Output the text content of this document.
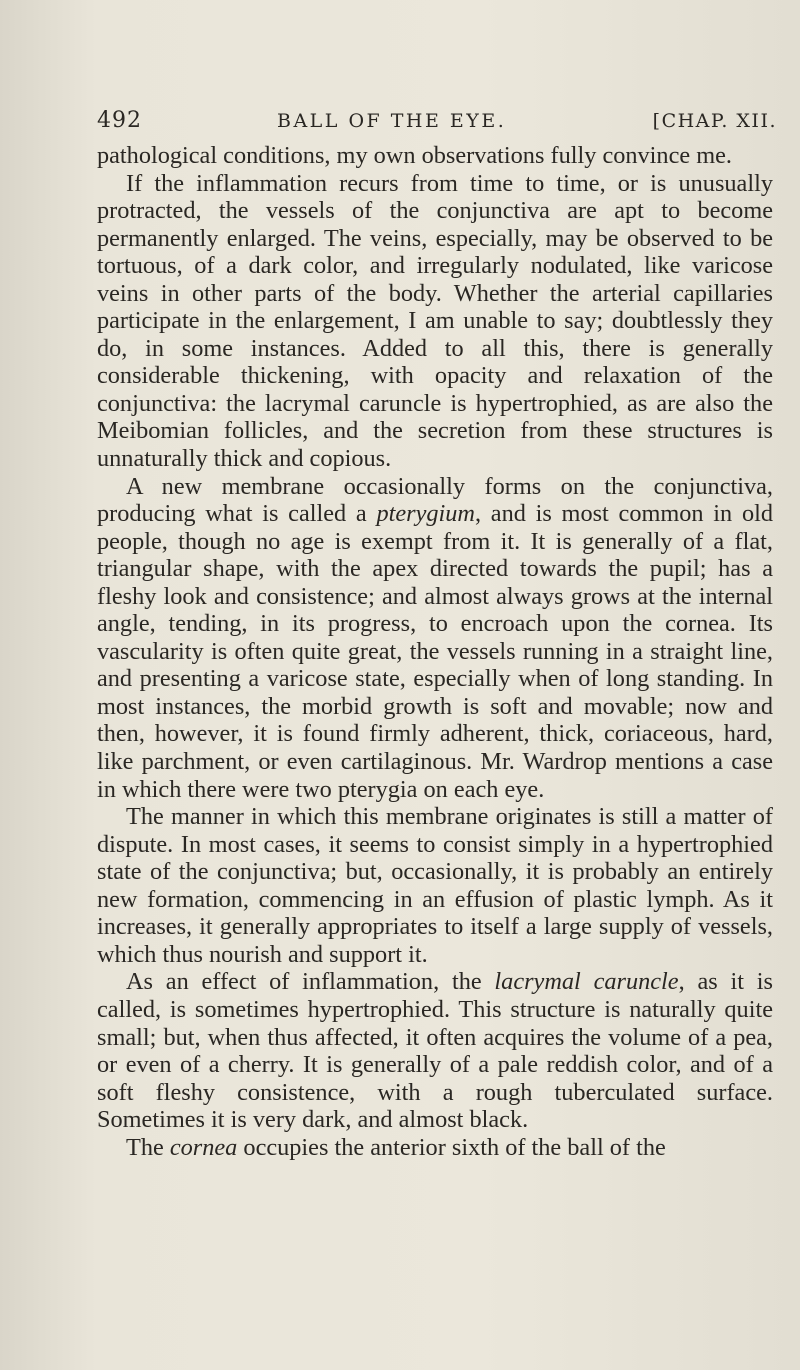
492	BALL OF THE EYE.	[CHAP. XII.

pathological conditions, my own observations fully convince me.

If the inflammation recurs from time to time, or is unusually protracted, the vessels of the conjunctiva are apt to become permanently enlarged. The veins, especially, may be observed to be tortuous, of a dark color, and irregularly nodulated, like varicose veins in other parts of the body. Whether the arterial capillaries participate in the enlargement, I am unable to say; doubtlessly they do, in some instances. Added to all this, there is generally considerable thickening, with opacity and relaxation of the conjunctiva: the lacrymal caruncle is hypertrophied, as are also the Meibomian follicles, and the secretion from these structures is unnaturally thick and copious.

A new membrane occasionally forms on the conjunctiva, producing what is called a pterygium, and is most common in old people, though no age is exempt from it. It is generally of a flat, triangular shape, with the apex directed towards the pupil; has a fleshy look and consistence; and almost always grows at the internal angle, tending, in its progress, to encroach upon the cornea. Its vascularity is often quite great, the vessels running in a straight line, and presenting a varicose state, especially when of long standing. In most instances, the morbid growth is soft and movable; now and then, however, it is found firmly adherent, thick, coriaceous, hard, like parchment, or even cartilaginous. Mr. Wardrop mentions a case in which there were two pterygia on each eye.

The manner in which this membrane originates is still a matter of dispute. In most cases, it seems to consist simply in a hypertrophied state of the conjunctiva; but, occasionally, it is probably an entirely new formation, commencing in an effusion of plastic lymph. As it increases, it generally appropriates to itself a large supply of vessels, which thus nourish and support it.

As an effect of inflammation, the lacrymal caruncle, as it is called, is sometimes hypertrophied. This structure is naturally quite small; but, when thus affected, it often acquires the volume of a pea, or even of a cherry. It is generally of a pale reddish color, and of a soft fleshy consistence, with a rough tuberculated surface. Sometimes it is very dark, and almost black.

The cornea occupies the anterior sixth of the ball of the
